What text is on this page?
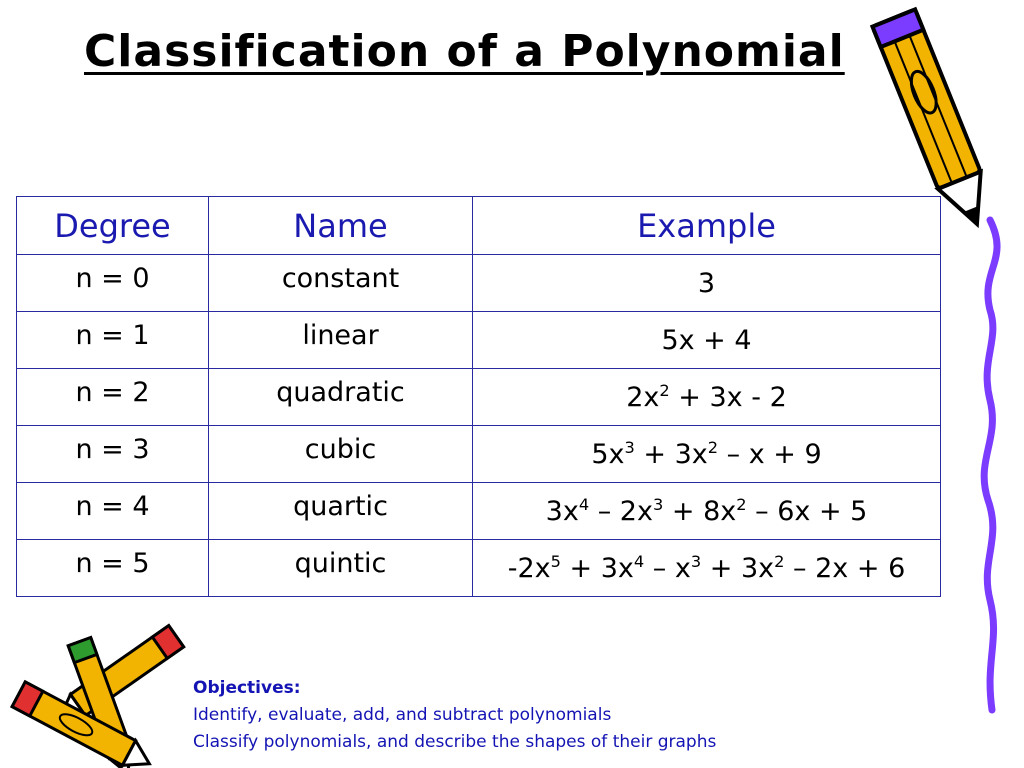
Classification of a Polynomial
Degree	Name	Example
n = 0	constant	3
n = 1	linear	5x + 4
n = 2	quadratic	$2x^2 + 3x - 2$
n = 3	cubic	$5x^3 + 3x^2 - x + 9$
n = 4	quartic	$3x^4 - 2x^3 + 8x^2 - 6x + 5$
n = 5	quintic	$-2x^5 + 3x^4 - x^3 + 3x^2 - 2x + 6$
Objectives:
Identify, evaluate, add, and subtract polynomials
Classify polynomials, and describe the shapes of their graphs
